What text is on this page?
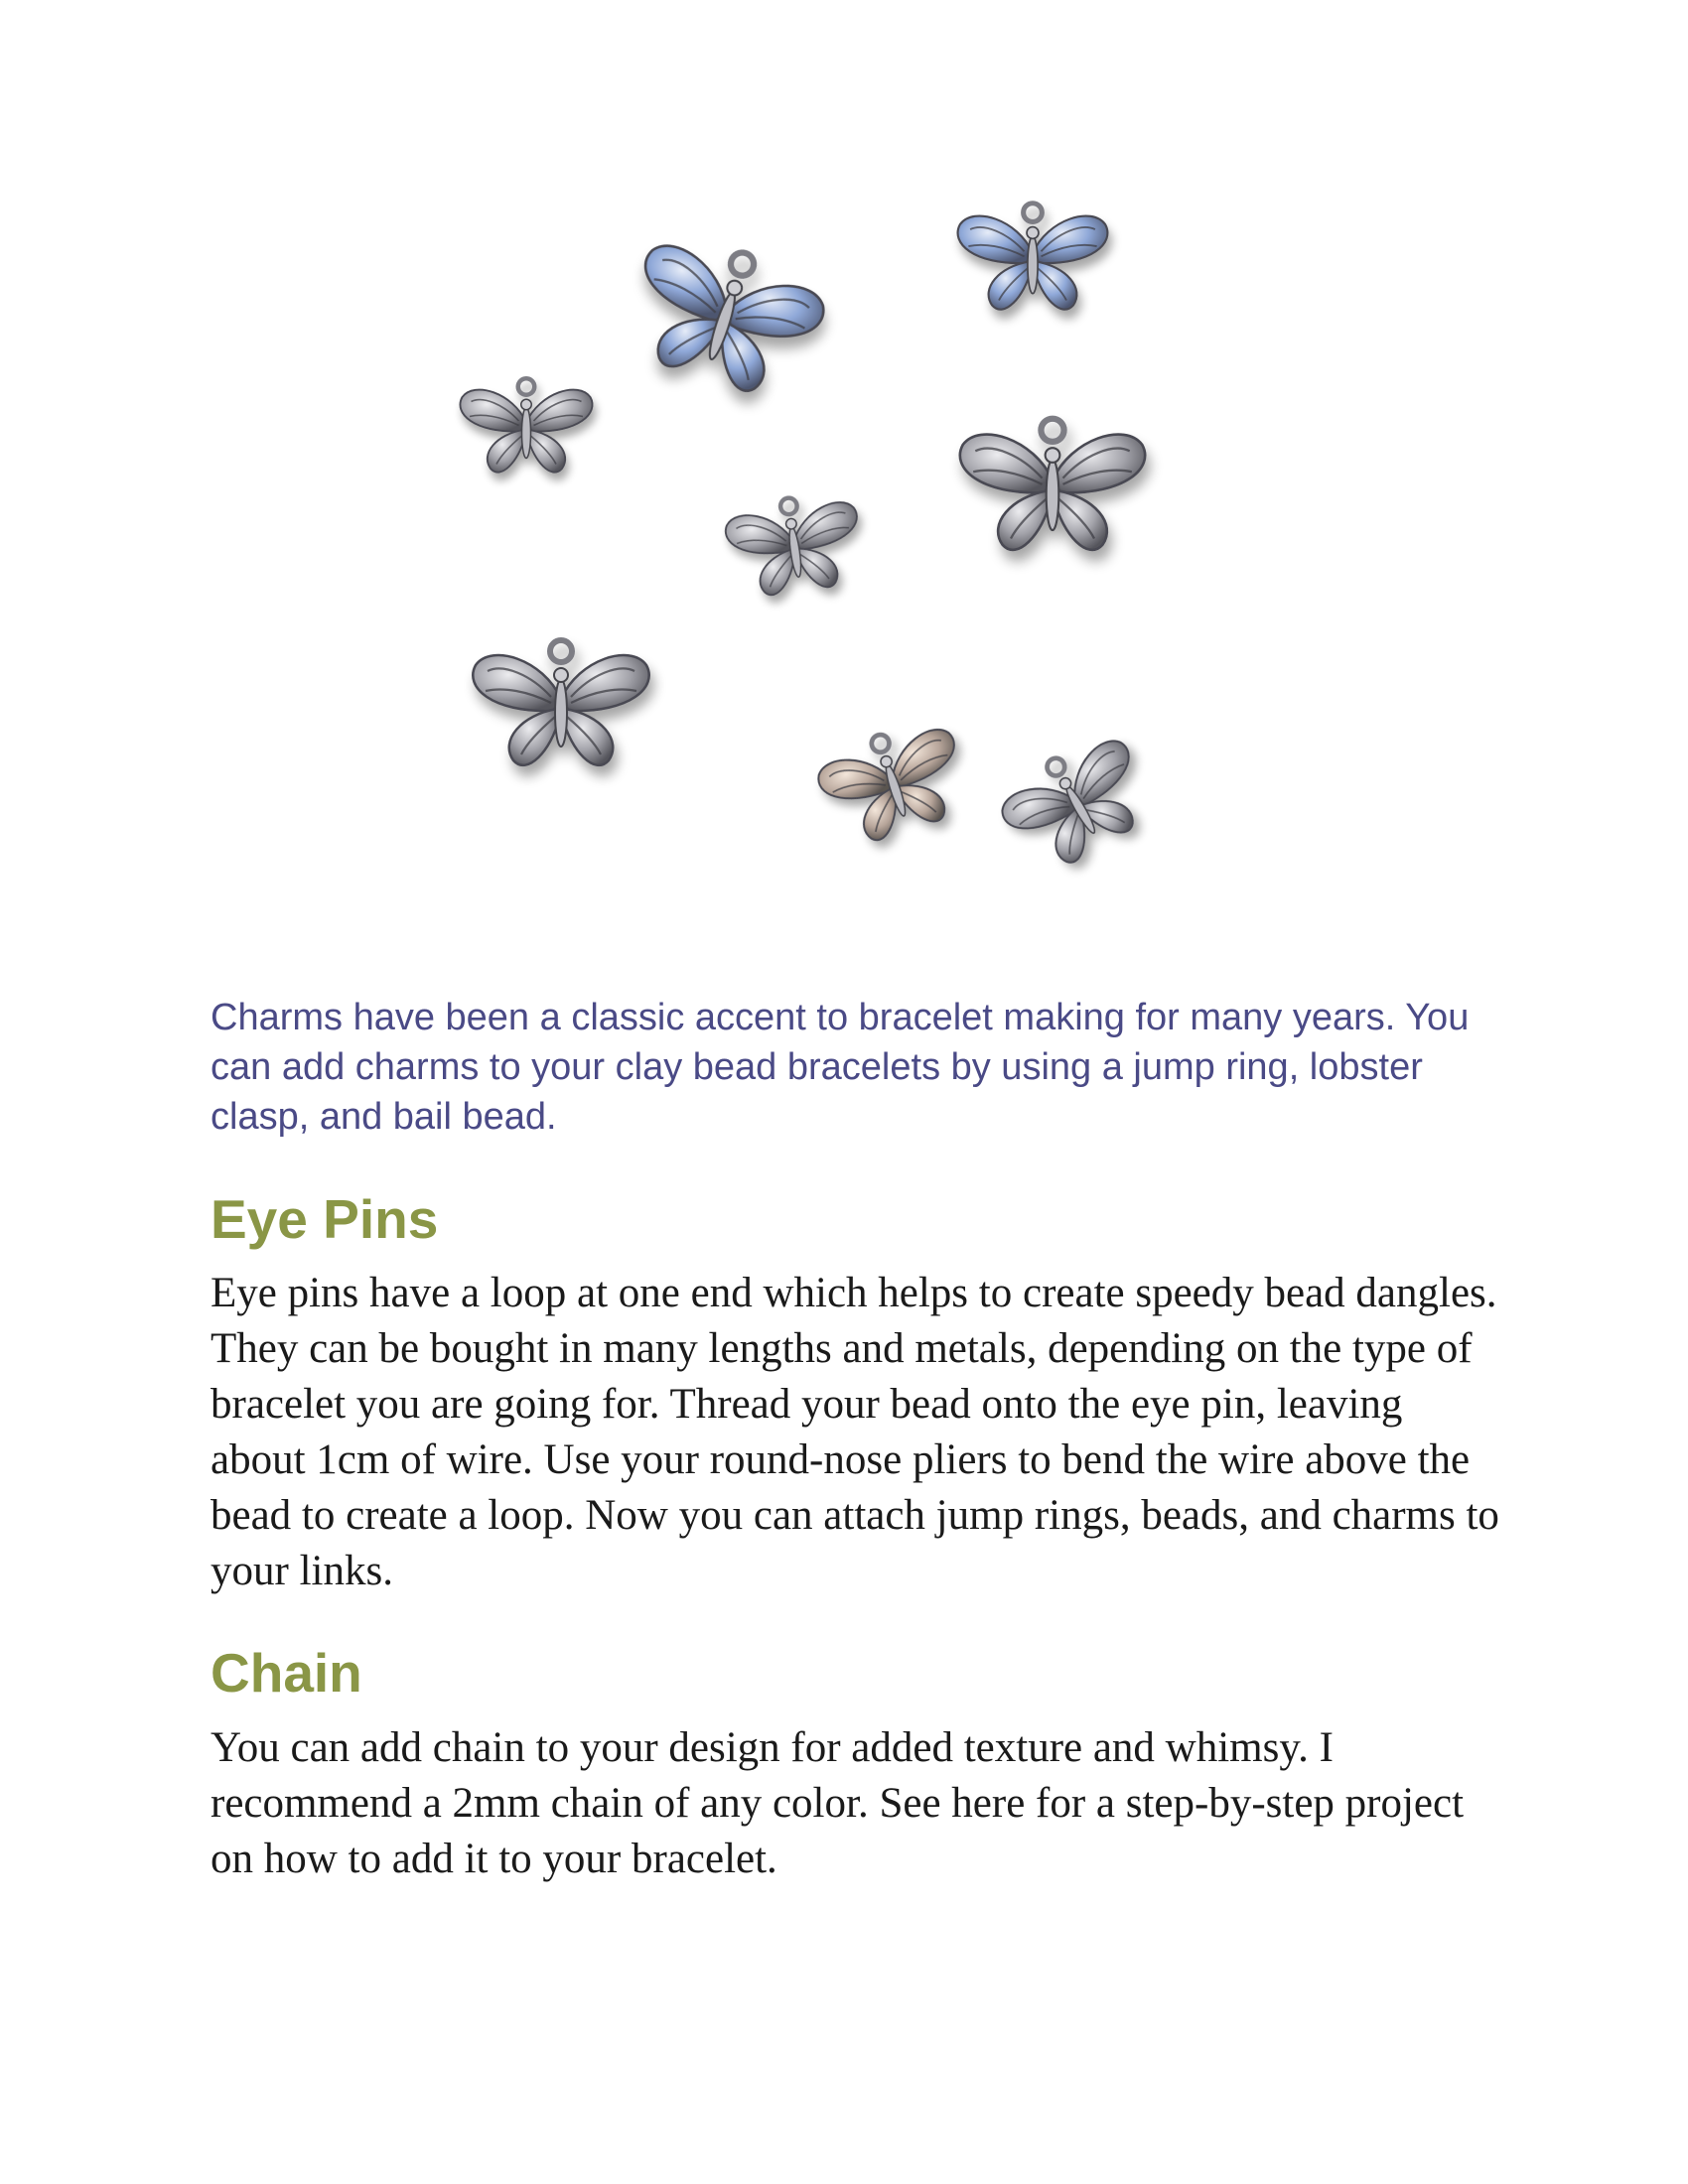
Charms have been a classic accent to bracelet making for many years. You can add charms to your clay bead bracelets by using a jump ring, lobster clasp, and bail bead.

Eye Pins

Eye pins have a loop at one end which helps to create speedy bead dangles. They can be bought in many lengths and metals, depending on the type of bracelet you are going for. Thread your bead onto the eye pin, leaving about 1cm of wire. Use your round-nose pliers to bend the wire above the bead to create a loop. Now you can attach jump rings, beads, and charms to your links.

Chain

You can add chain to your design for added texture and whimsy. I recommend a 2mm chain of any color. See here for a step-by-step project on how to add it to your bracelet.
